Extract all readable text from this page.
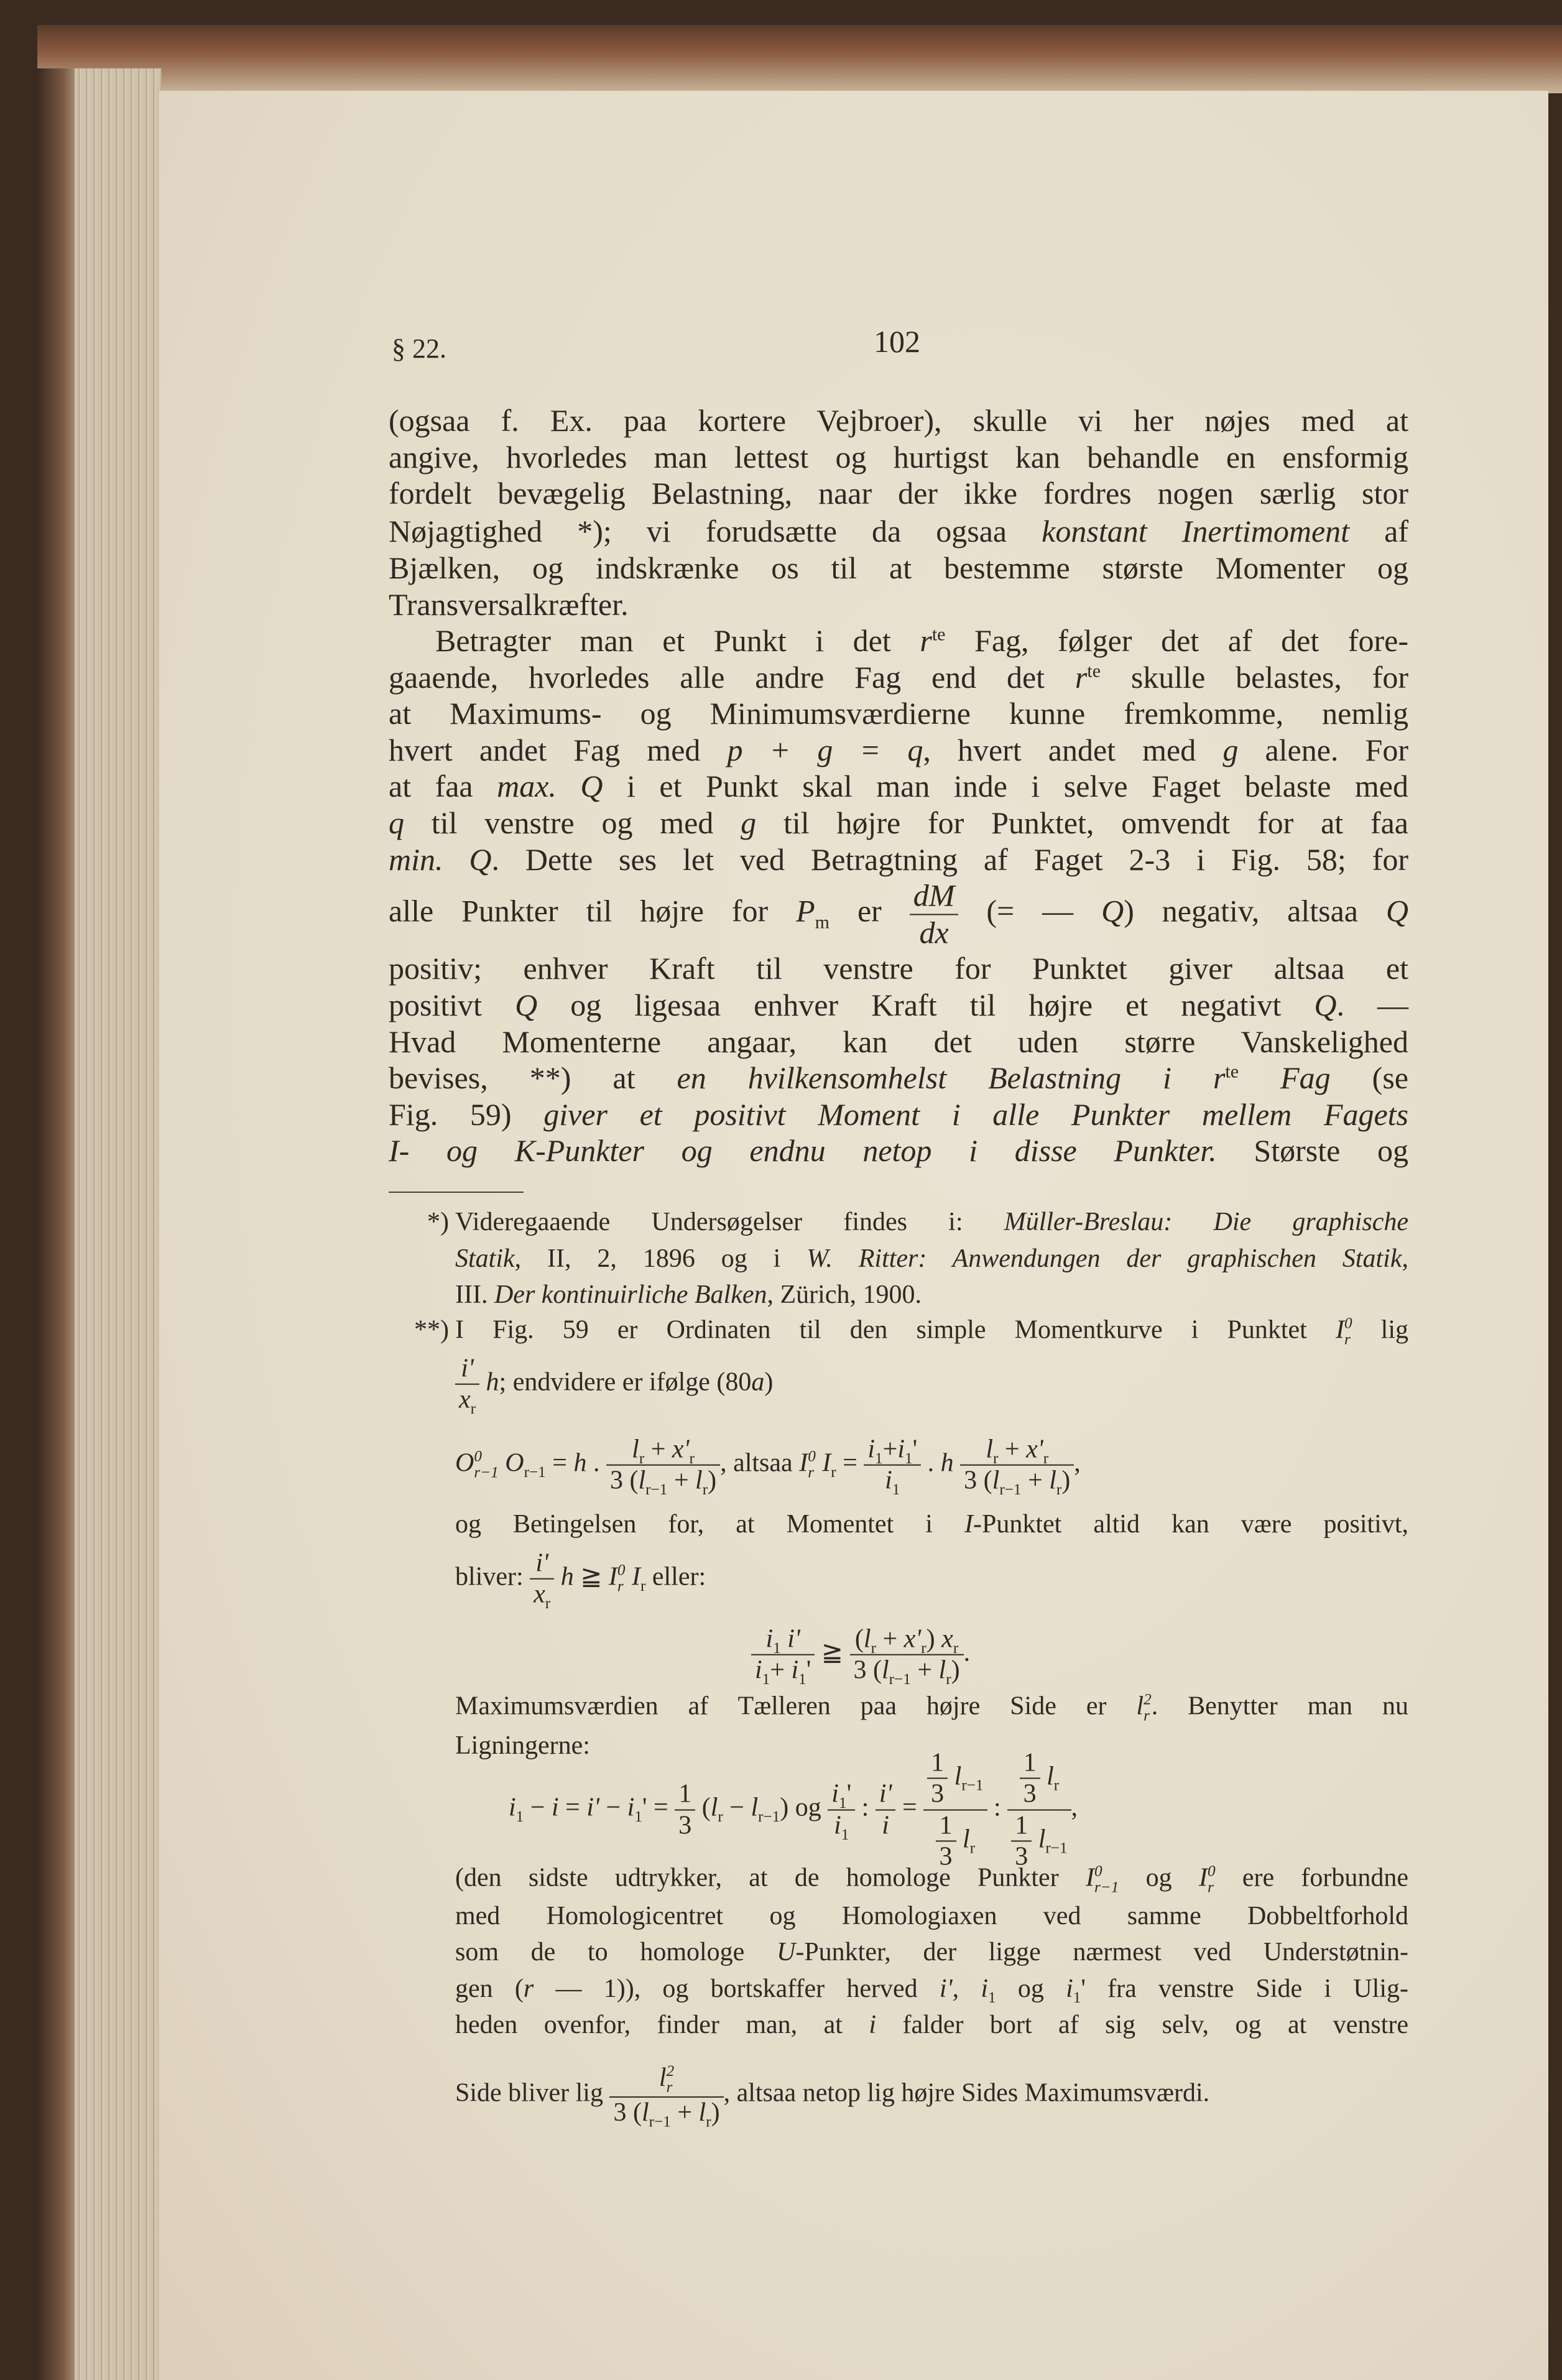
§ 22.	102
(ogsaa f. Ex. paa kortere Vejbroer), skulle vi her nøjes med at
angive, hvorledes man lettest og hurtigst kan behandle en ensformig
fordelt bevægelig Belastning, naar der ikke fordres nogen særlig stor
Nøjagtighed *); vi forudsætte da ogsaa konstant Inertimoment af
Bjælken, og indskrænke os til at bestemme største Momenter og
Transversalkræfter.
Betragter man et Punkt i $\det r^{te}$ Fag, følger det af det fore-
gaaende, hvorledes alle andre Fag end $\det r^{te}$ skulle belastes, for
at Maximums- og Minimumsværdierne kunne fremkomme, nemlig
hvert andet Fag med p + g = q, hvert andet med g alene. For
at faa max. Q i et Punkt skal man inde i selve Faget belaste med
q til venstre og med g til højre for Punktet, omvendt for at faa
min. Q. Dette ses let ved Betragtning af Faget 2-3 i Fig. 58; for
alle Punkter til højre for $P_m$ er $\frac{dM}{dx}$ (= — Q) negativ, altsaa Q
positiv; enhver Kraft til venstre for Punktet giver altsaa et
positivt Q og ligesaa enhver Kraft til højre et negativt Q. —
Hvad Momenterne angaar, kan det uden større Vanskelighed
bevises, **) at en hvilkensomhelst Belastning i $r^{te}$ Fag (se
Fig. 59) giver et positivt Moment i alle Punkter mellem Fagets
I- og K-Punkter og endnu netop i disse Punkter. Største og
*) Videregaaende Undersøgelser findes i: Müller-Breslau: Die graphische
Statik, II, 2, 1896 og i W. Ritter: Anwendungen der graphischen Statik,
III. Der kontinuirliche Balken, Zürich, 1900.
**) I Fig. 59 er Ordinaten til den simple Momentkurve i Punktet I 0
r lig
$\frac{i'}{x_r} h$; endvidere er ifølge (80a)
O 0
r−1 $O_{r-1} = h$ . $\frac{l_r + x'_r}{3 (l_{r-1} + l_r)}$ , altsaa I 0
r $I_r = \frac{i_1+i_1'}{i_1}$ . h $\frac{l_r + x'_r}{3 (l_{r-1} + l_r)}$ ,
og Betingelsen for, at Momentet i I-Punktet altid kan være positivt,
bliver: $\frac{i'}{x_r}$ h ≧ I 0
r $I_r$ eller:
$\frac{i_1 i'}{i_1+ i_1'}$ ≧ $\frac{(l_r + x'_r) x_r}{3 (l_{r-1} + l_r)}$ .
Maximumsværdien af Tælleren paa højre Side er l 2
r . Benytter man nu
Ligningerne:
$i_1 - i = i' - i_1' = \frac{1}{3} (l_r - l_{r-1})$ og $\frac{i_1'}{i_1}$ : $\frac{i'}{i} = \frac{\frac{1}{3} l_{r-1}}{\frac{1}{3} l_r}$ : $\frac{\frac{1}{3} l_r}{\frac{1}{3} l_{r-1}}$ ,
(den sidste udtrykker, at de homologe Punkter I 0
r−1 og I 0
r ere forbundne
med Homologicentret og Homologiaxen ved samme Dobbeltforhold
som de to homologe U-Punkter, der ligge nærmest ved Understøtnin-
gen (r — 1)), og bortskaffer herved i', $i_1$ og $i_1'$ fra venstre Side i Ulig-
heden ovenfor, finder man, at i falder bort af sig selv, og at venstre
Side bliver lig l 2
r
3 $(l_{r-1} + l_r)$ , altsaa netop lig højre Sides Maximumsværdi.
